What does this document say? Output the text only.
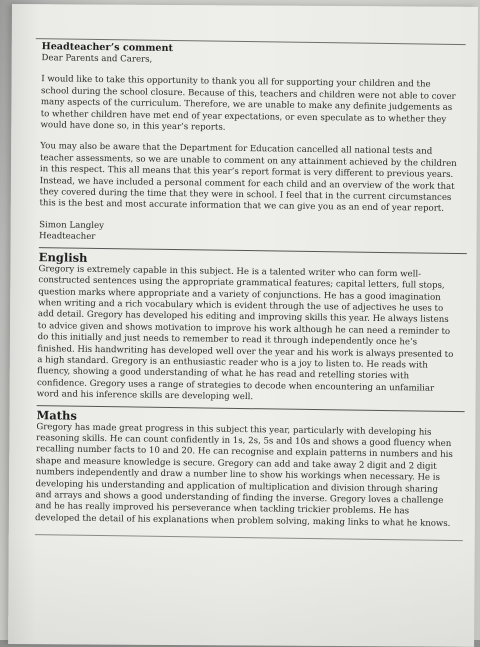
Headteacher’s comment

Dear Parents and Carers,

I would like to take this opportunity to thank you all for supporting your children and the school during the school closure. Because of this, teachers and children were not able to cover many aspects of the curriculum. Therefore, we are unable to make any definite judgements as to whether children have met end of year expectations, or even speculate as to whether they would have done so, in this year’s reports.

You may also be aware that the Department for Education cancelled all national tests and teacher assessments, so we are unable to comment on any attainment achieved by the children in this respect. This all means that this year’s report format is very different to previous years.

Instead, we have included a personal comment for each child and an overview of the work that they covered during the time that they were in school. I feel that in the current circumstances this is the best and most accurate information that we can give you as an end of year report.

Simon Langley

Headteacher

English

Gregory is extremely capable in this subject. He is a talented writer who can form well-constructed sentences using the appropriate grammatical features; capital letters, full stops, question marks where appropriate and a variety of conjunctions. He has a good imagination when writing and a rich vocabulary which is evident through the use of adjectives he uses to add detail. Gregory has developed his editing and improving skills this year. He always listens to advice given and shows motivation to improve his work although he can need a reminder to do this initially and just needs to remember to read it through independently once he’s finished. His handwriting has developed well over the year and his work is always presented to a high standard. Gregory is an enthusiastic reader who is a joy to listen to. He reads with fluency, showing a good understanding of what he has read and retelling stories with confidence. Gregory uses a range of strategies to decode when encountering an unfamiliar word and his inference skills are developing well.

Maths

Gregory has made great progress in this subject this year, particularly with developing his reasoning skills. He can count confidently in 1s, 2s, 5s and 10s and shows a good fluency when recalling number facts to 10 and 20. He can recognise and explain patterns in numbers and his shape and measure knowledge is secure. Gregory can add and take away 2 digit and 2 digit numbers independently and draw a number line to show his workings when necessary. He is developing his understanding and application of multiplication and division through sharing and arrays and shows a good understanding of finding the inverse. Gregory loves a challenge and he has really improved his perseverance when tackling trickier problems. He has developed the detail of his explanations when problem solving, making links to what he knows.
